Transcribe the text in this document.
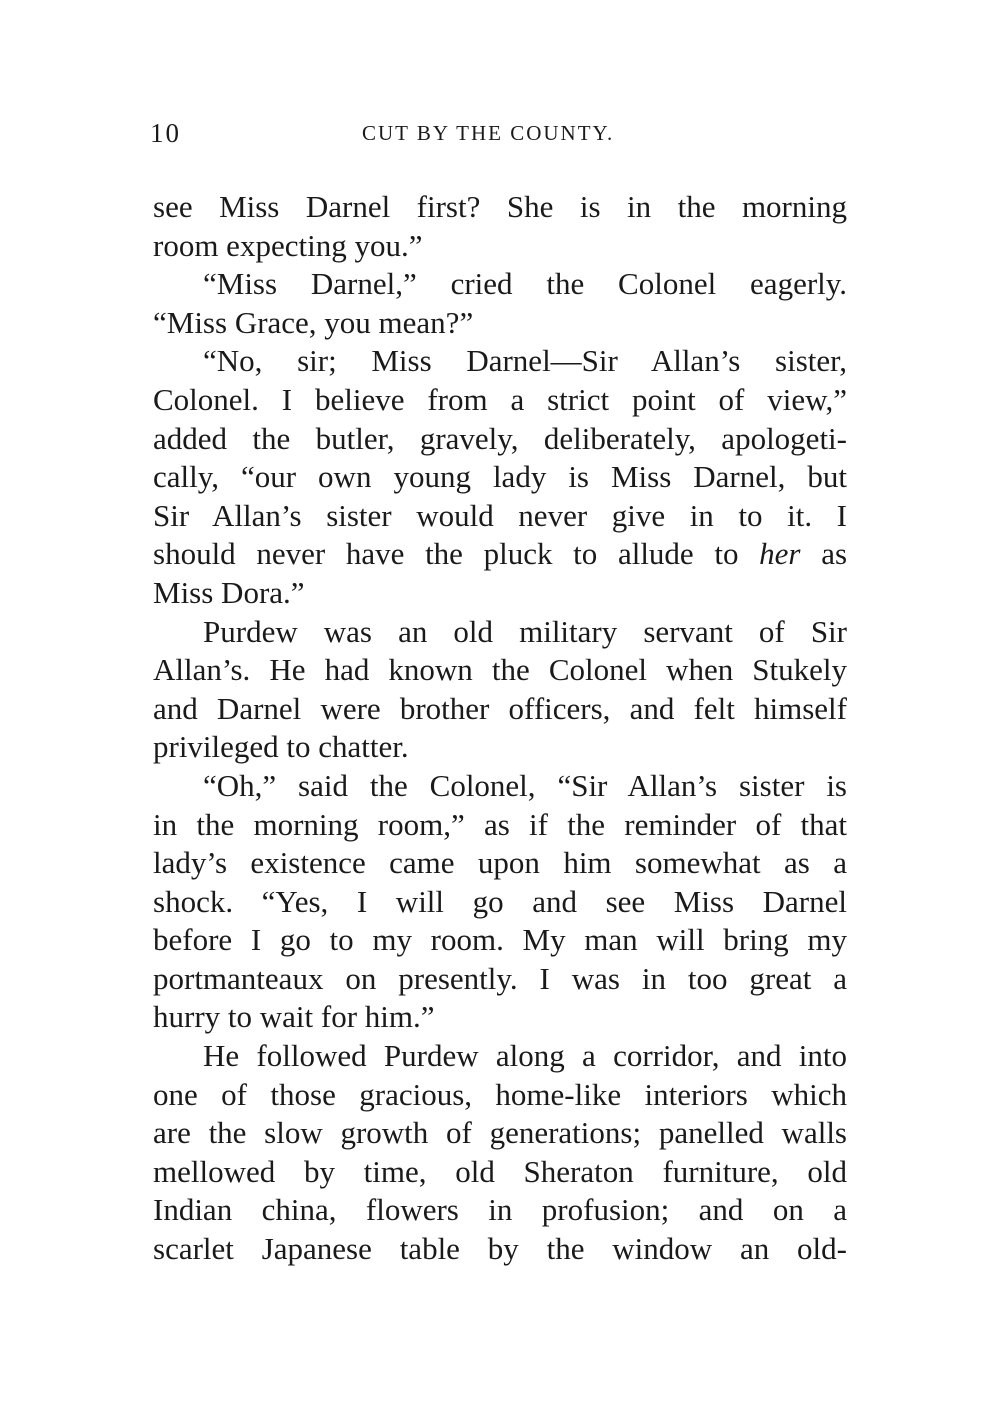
10	CUT BY THE COUNTY.
see Miss Darnel first? She is in the morning
room expecting you.”
“Miss Darnel,” cried the Colonel eagerly.
“Miss Grace, you mean?”
“No, sir; Miss Darnel—Sir Allan’s sister,
Colonel. I believe from a strict point of view,”
added the butler, gravely, deliberately, apologeti-
cally, “our own young lady is Miss Darnel, but
Sir Allan’s sister would never give in to it. I
should never have the pluck to allude to her as
Miss Dora.”
Purdew was an old military servant of Sir
Allan’s. He had known the Colonel when Stukely
and Darnel were brother officers, and felt himself
privileged to chatter.
“Oh,” said the Colonel, “Sir Allan’s sister is
in the morning room,” as if the reminder of that
lady’s existence came upon him somewhat as a
shock. “Yes, I will go and see Miss Darnel
before I go to my room. My man will bring my
portmanteaux on presently. I was in too great a
hurry to wait for him.”
He followed Purdew along a corridor, and into
one of those gracious, home-like interiors which
are the slow growth of generations; panelled walls
mellowed by time, old Sheraton furniture, old
Indian china, flowers in profusion; and on a
scarlet Japanese table by the window an old-
